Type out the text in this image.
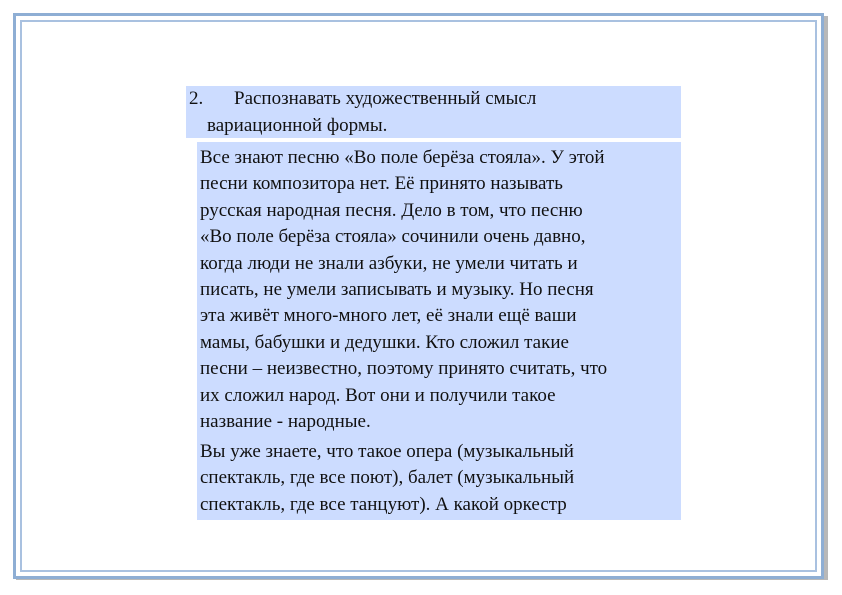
2. Распознавать художественный смысл
вариационной формы.

Все знают песню «Во поле берёза стояла». У этой
песни композитора нет. Её принято называть
русская народная песня. Дело в том, что песню
«Во поле берёза стояла» сочинили очень давно,
когда люди не знали азбуки, не умели читать и
писать, не умели записывать и музыку. Но песня
эта живёт много-много лет, её знали ещё ваши
мамы, бабушки и дедушки. Кто сложил такие
песни – неизвестно, поэтому принято считать, что
их сложил народ. Вот они и получили такое
название - народные.

Вы уже знаете, что такое опера (музыкальный
спектакль, где все поют), балет (музыкальный
спектакль, где все танцуют). А какой оркестр
